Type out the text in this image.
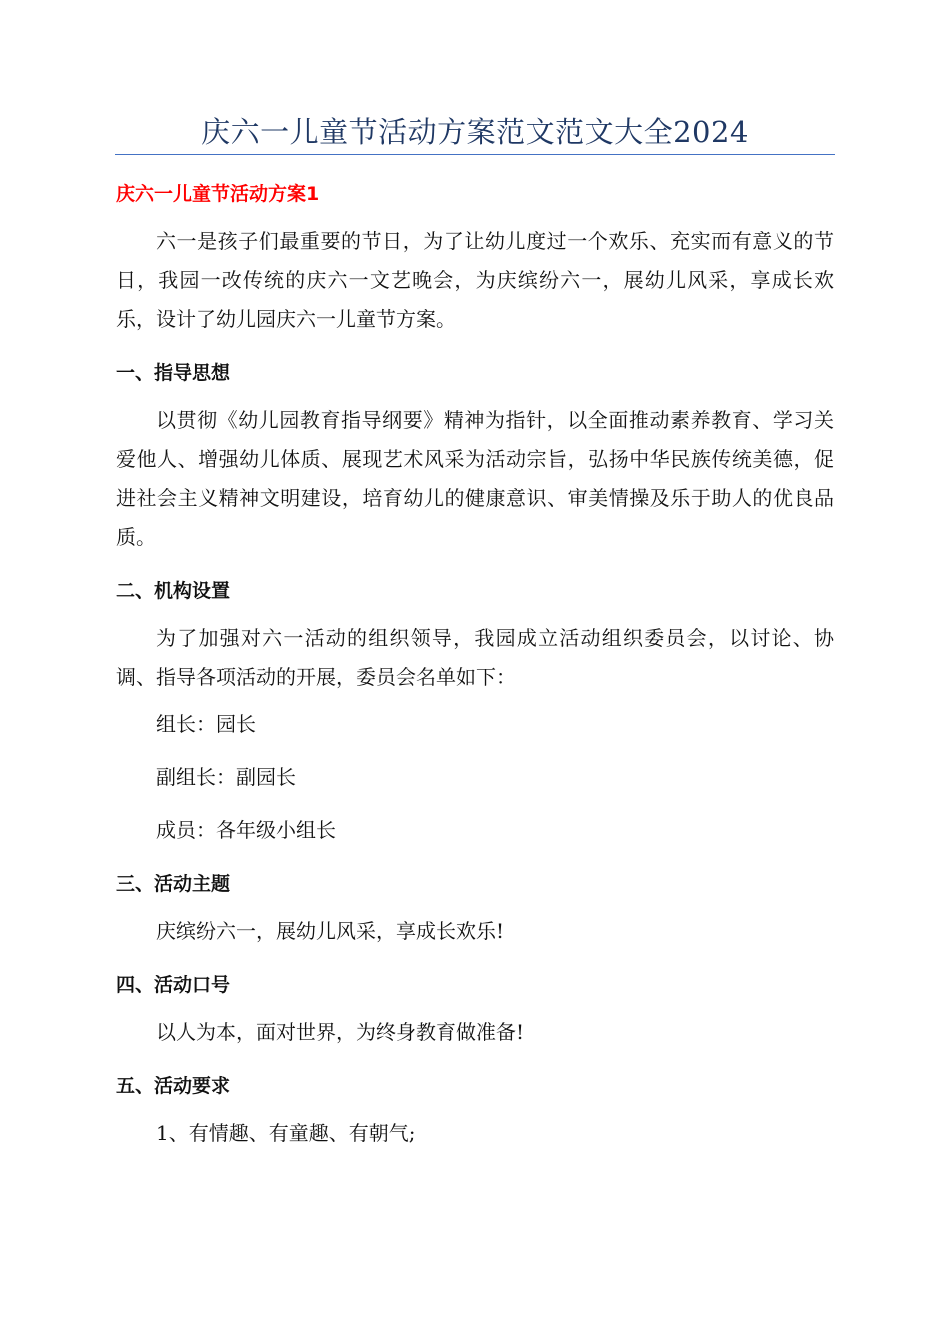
庆六一儿童节活动方案范文范文大全2024
庆六一儿童节活动方案1

六一是孩子们最重要的节日，为了让幼儿度过一个欢乐、充实而有意义的节日，我园一改传统的庆六一文艺晚会，为庆缤纷六一，展幼儿风采，享成长欢乐，设计了幼儿园庆六一儿童节方案。

一、指导思想

以贯彻《幼儿园教育指导纲要》精神为指针，以全面推动素养教育、学习关爱他人、增强幼儿体质、展现艺术风采为活动宗旨，弘扬中华民族传统美德，促进社会主义精神文明建设，培育幼儿的健康意识、审美情操及乐于助人的优良品质。

二、机构设置

为了加强对六一活动的组织领导，我园成立活动组织委员会，以讨论、协调、指导各项活动的开展，委员会名单如下：

组长：园长

副组长：副园长

成员：各年级小组长

三、活动主题

庆缤纷六一，展幼儿风采，享成长欢乐!

四、活动口号

以人为本，面对世界，为终身教育做准备!

五、活动要求

1、有情趣、有童趣、有朝气;
